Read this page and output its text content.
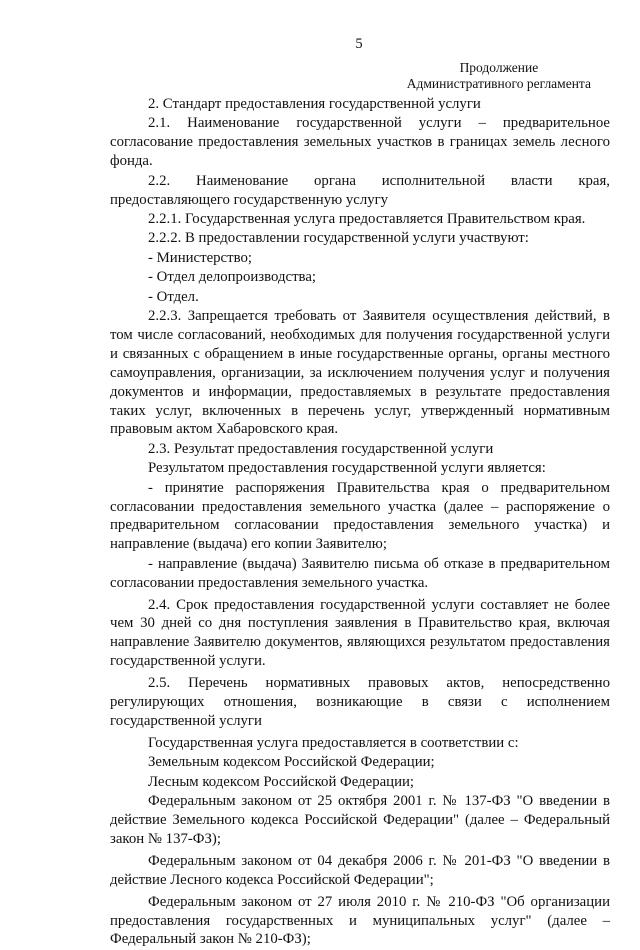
5
Продолжение
Административного регламента

2. Стандарт предоставления государственной услуги

2.1. Наименование государственной услуги – предварительное согласование предоставления земельных участков в границах земель лесного фонда.

2.2. Наименование органа исполнительной власти края, предоставляющего государственную услугу

2.2.1. Государственная услуга предоставляется Правительством края.

2.2.2. В предоставлении государственной услуги участвуют:

- Министерство;

- Отдел делопроизводства;

- Отдел.

2.2.3. Запрещается требовать от Заявителя осуществления действий, в том числе согласований, необходимых для получения государственной услуги и связанных с обращением в иные государственные органы, органы местного самоуправления, организации, за исключением получения услуг и получения документов и информации, предоставляемых в результате предоставления таких услуг, включенных в перечень услуг, утвержденный нормативным правовым актом Хабаровского края.

2.3. Результат предоставления государственной услуги

Результатом предоставления государственной услуги является:

- принятие распоряжения Правительства края о предварительном согласовании предоставления земельного участка (далее – распоряжение о предварительном согласовании предоставления земельного участка) и направление (выдача) его копии Заявителю;

- направление (выдача) Заявителю письма об отказе в предварительном согласовании предоставления земельного участка.

2.4. Срок предоставления государственной услуги составляет не более чем 30 дней со дня поступления заявления в Правительство края, включая направление Заявителю документов, являющихся результатом предоставления государственной услуги.

2.5. Перечень нормативных правовых актов, непосредственно регулирующих отношения, возникающие в связи с исполнением государственной услуги

Государственная услуга предоставляется в соответствии с:

Земельным кодексом Российской Федерации;

Лесным кодексом Российской Федерации;

Федеральным законом от 25 октября 2001 г. № 137-ФЗ "О введении в действие Земельного кодекса Российской Федерации" (далее – Федеральный закон № 137-ФЗ);

Федеральным законом от 04 декабря 2006 г. № 201-ФЗ "О введении в действие Лесного кодекса Российской Федерации";

Федеральным законом от 27 июля 2010 г. № 210-ФЗ "Об организации предоставления государственных и муниципальных услуг" (далее – Федеральный закон № 210-ФЗ);
